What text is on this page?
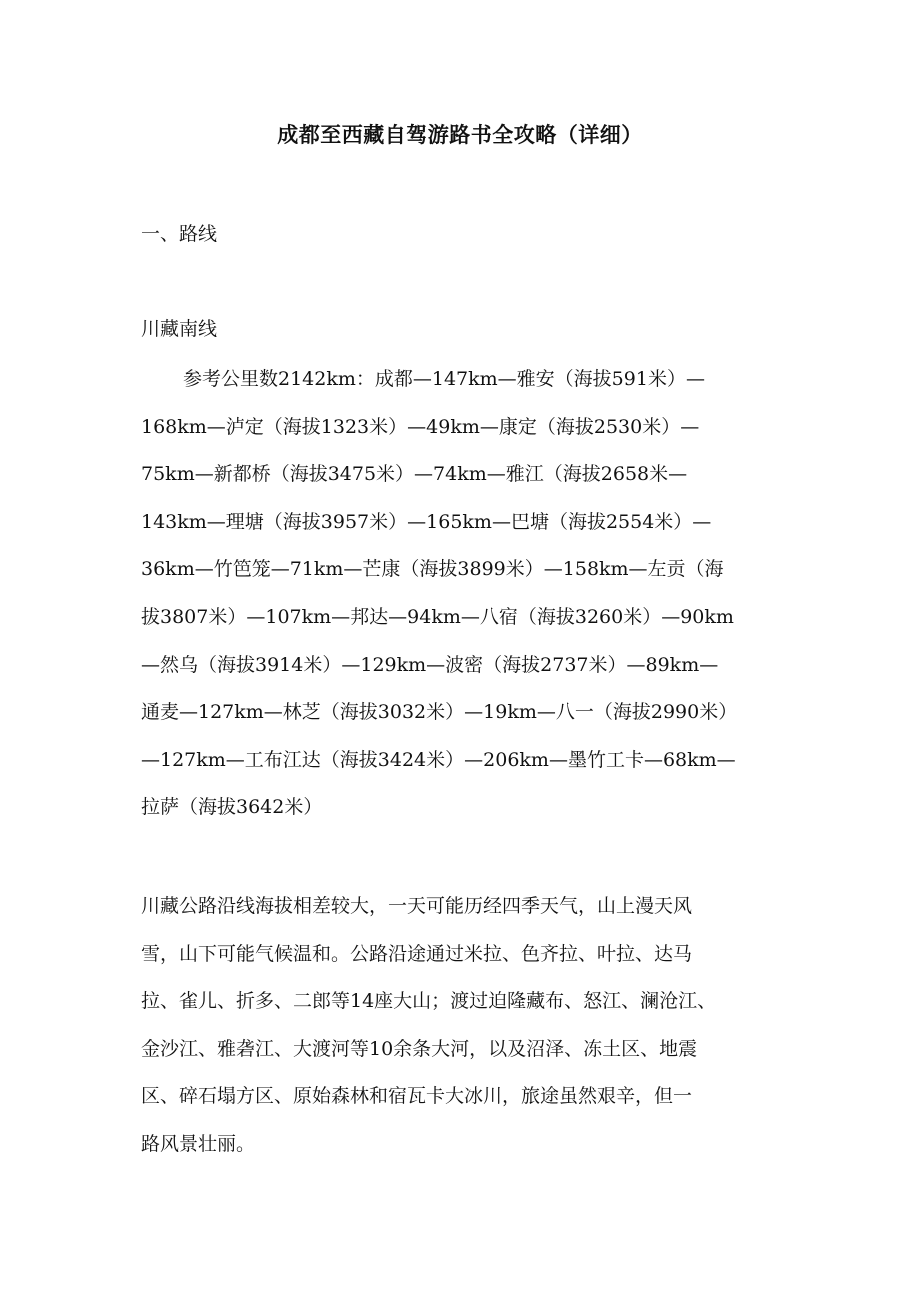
成都至西藏自驾游路书全攻略（详细）
一、路线
川藏南线
参考公里数2142km：成都—147km—雅安（海拔591米）—
168km—泸定（海拔1323米）—49km—康定（海拔2530米）—
75km—新都桥（海拔3475米）—74km—雅江（海拔2658米—
143km—理塘（海拔3957米）—165km—巴塘（海拔2554米）—
36km—竹笆笼—71km—芒康（海拔3899米）—158km—左贡（海
拔3807米）—107km—邦达—94km—八宿（海拔3260米）—90km
—然乌（海拔3914米）—129km—波密（海拔2737米）—89km—
通麦—127km—林芝（海拔3032米）—19km—八一（海拔2990米）
—127km—工布江达（海拔3424米）—206km—墨竹工卡—68km—
拉萨（海拔3642米）
川藏公路沿线海拔相差较大，一天可能历经四季天气，山上漫天风
雪，山下可能气候温和。公路沿途通过米拉、色齐拉、叶拉、达马
拉、雀儿、折多、二郎等14座大山；渡过迫隆藏布、怒江、澜沧江、
金沙江、雅砻江、大渡河等10余条大河，以及沼泽、冻土区、地震
区、碎石塌方区、原始森林和宿瓦卡大冰川，旅途虽然艰辛，但一
路风景壮丽。
